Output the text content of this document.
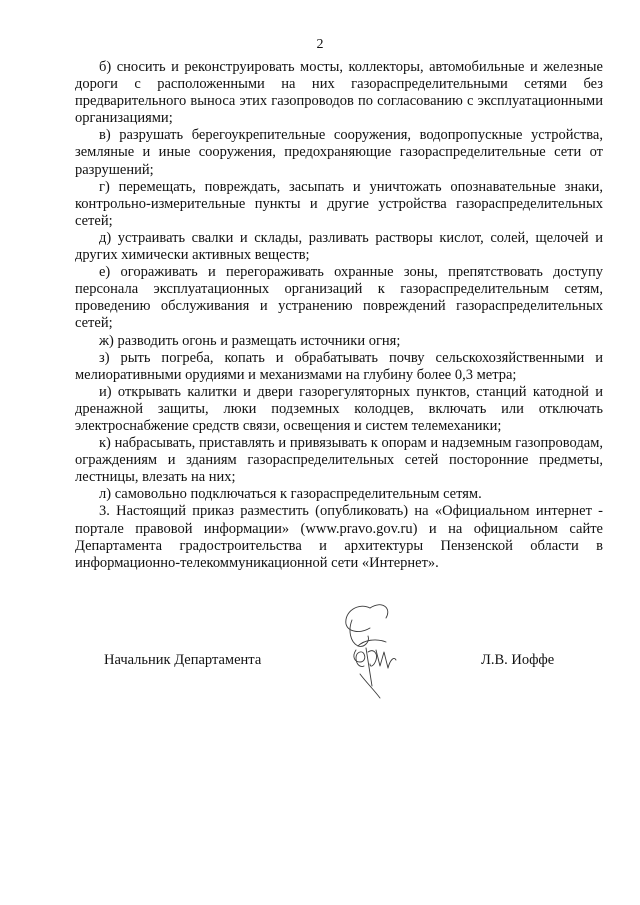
2

б) сносить и реконструировать мосты, коллекторы, автомобильные и железные дороги с расположенными на них газораспределительными сетями без предварительного выноса этих газопроводов по согласованию с эксплуатационными организациями;

в) разрушать берегоукрепительные сооружения, водопропускные устройства, земляные и иные сооружения, предохраняющие газораспределительные сети от разрушений;

г) перемещать, повреждать, засыпать и уничтожать опознавательные знаки, контрольно-измерительные пункты и другие устройства газораспределительных сетей;

д) устраивать свалки и склады, разливать растворы кислот, солей, щелочей и других химически активных веществ;

е) огораживать и перегораживать охранные зоны, препятствовать доступу персонала эксплуатационных организаций к газораспределительным сетям, проведению обслуживания и устранению повреждений газораспределительных сетей;

ж) разводить огонь и размещать источники огня;

з) рыть погреба, копать и обрабатывать почву сельскохозяйственными и мелиоративными орудиями и механизмами на глубину более 0,3 метра;

и) открывать калитки и двери газорегуляторных пунктов, станций катодной и дренажной защиты, люки подземных колодцев, включать или отключать электроснабжение средств связи, освещения и систем телемеханики;

к) набрасывать, приставлять и привязывать к опорам и надземным газопроводам, ограждениям и зданиям газораспределительных сетей посторонние предметы, лестницы, влезать на них;

л) самовольно подключаться к газораспределительным сетям.

3. Настоящий приказ разместить (опубликовать) на «Официальном интернет - портале правовой информации» (www.pravo.gov.ru) и на официальном сайте Департамента градостроительства и архитектуры Пензенской области в информационно-телекоммуникационной сети «Интернет».

Начальник Департамента	Л.В. Иоффе
